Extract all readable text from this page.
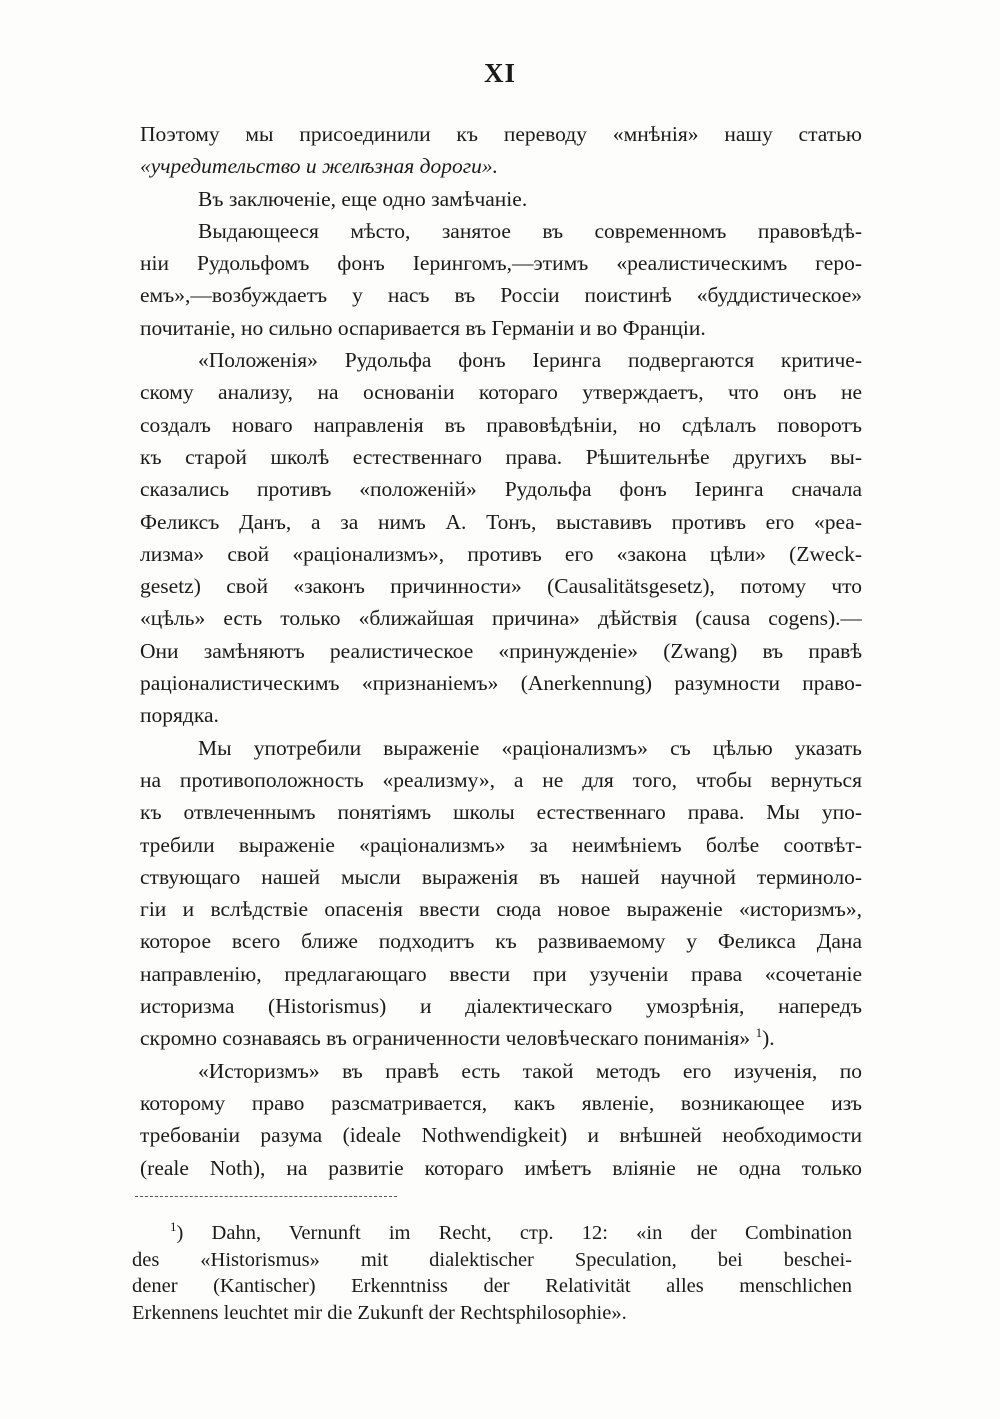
XI
Поэтому мы присоединили къ переводу «мнѣнія» нашу статью
«учредительство и желѣзная дороги».
Въ заключеніе, еще одно замѣчаніе.
Выдающееся мѣсто, занятое въ современномъ правовѣдѣ-
ніи Рудольфомъ фонъ Іерингомъ,—этимъ «реалистическимъ геро-
емъ»,—возбуждаетъ у насъ въ Россіи поистинѣ «буддистическое»
почитаніе, но сильно оспаривается въ Германіи и во Франціи.
«Положенія» Рудольфа фонъ Іеринга подвергаются критиче-
скому анализу, на основаніи котораго утверждаетъ, что онъ не
создалъ новаго направленія въ правовѣдѣніи, но сдѣлалъ поворотъ
къ старой школѣ естественнаго права. Рѣшительнѣе другихъ вы-
сказались противъ «положеній» Рудольфа фонъ Іеринга сначала
Феликсъ Данъ, а за нимъ А. Тонъ, выставивъ противъ его «реа-
лизма» свой «раціонализмъ», противъ его «закона цѣли» (Zweck-
gesetz) свой «законъ причинности» (Causalitätsgesetz), потому что
«цѣль» есть только «ближайшая причина» дѣйствія (causa cogens).—
Они замѣняютъ реалистическое «принужденіе» (Zwang) въ правѣ
раціоналистическимъ «признаніемъ» (Anerkennung) разумности право-
порядка.
Мы употребили выраженіе «раціонализмъ» съ цѣлью указать
на противоположность «реализму», а не для того, чтобы вернуться
къ отвлеченнымъ понятіямъ школы естественнаго права. Мы упо-
требили выраженіе «раціонализмъ» за неимѣніемъ болѣе соотвѣт-
ствующаго нашей мысли выраженія въ нашей научной терминоло-
гіи и вслѣдствіе опасенія ввести сюда новое выраженіе «историзмъ»,
которое всего ближе подходитъ къ развиваемому у Феликса Дана
направленію, предлагающаго ввести при узученіи права «сочетаніе
историзма (Historismus) и діалектическаго умозрѣнія, напередъ
скромно сознаваясь въ ограниченности человѣческаго пониманія» $^1$).
«Историзмъ» въ правѣ есть такой методъ его изученія, по
которому право разсматривается, какъ явленіе, возникающее изъ
требованіи разума (ideale Nothwendigkeit) и внѣшней необходимости
(reale Noth), на развитіе котораго имѣетъ вліяніе не одна только
$^1$) Dahn, Vernunft im Recht, стр. 12: «in der Combination
des «Historismus» mit dialektischer Speculation, bei beschei-
dener (Kantischer) Erkenntniss der Relativität alles menschlichen
Erkennens leuchtet mir die Zukunft der Rechtsphilosophie».
